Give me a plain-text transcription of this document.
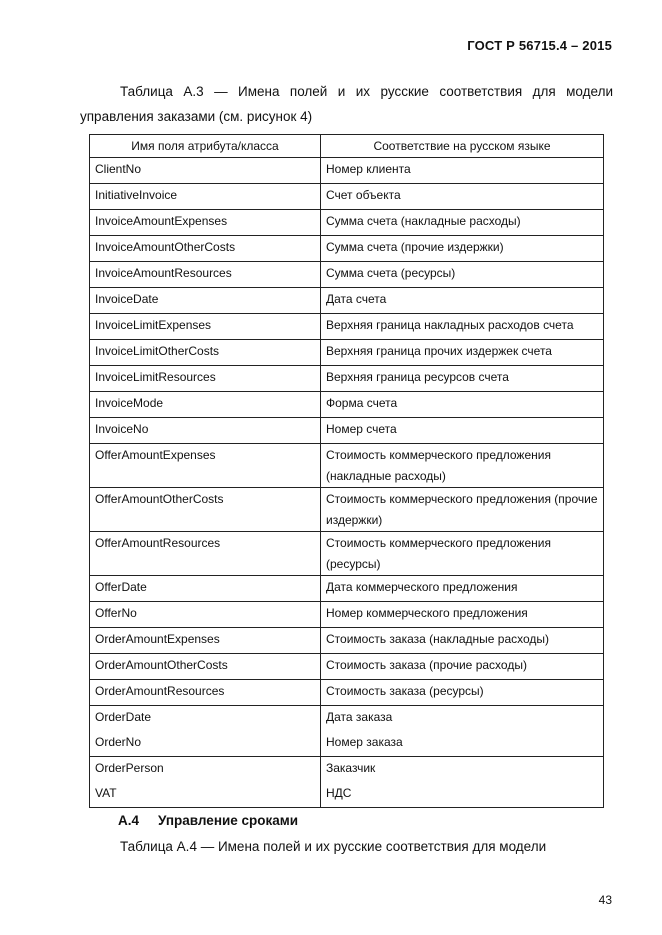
ГОСТ Р 56715.4 – 2015
Таблица А.3 — Имена полей и их русские соответствия для модели управления заказами (см. рисунок 4)
Имя поля атрибута/класса	Соответствие на русском языке
ClientNo	Номер клиента
InitiativeInvoice	Счет объекта
InvoiceAmountExpenses	Сумма счета (накладные расходы)
InvoiceAmountOtherCosts	Сумма счета (прочие издержки)
InvoiceAmountResources	Сумма счета (ресурсы)
InvoiceDate	Дата счета
InvoiceLimitExpenses	Верхняя граница накладных расходов счета
InvoiceLimitOtherCosts	Верхняя граница прочих издержек счета
InvoiceLimitResources	Верхняя граница ресурсов счета
InvoiceMode	Форма счета
InvoiceNo	Номер счета
OfferAmountExpenses	Стоимость коммерческого предложения (накладные расходы)
OfferAmountOtherCosts	Стоимость коммерческого предложения (прочие издержки)
OfferAmountResources	Стоимость коммерческого предложения (ресурсы)
OfferDate	Дата коммерческого предложения
OfferNo	Номер коммерческого предложения
OrderAmountExpenses	Стоимость заказа (накладные расходы)
OrderAmountOtherCosts	Стоимость заказа (прочие расходы)
OrderAmountResources	Стоимость заказа (ресурсы)
OrderDate	Дата заказа
OrderNo	Номер заказа
OrderPerson	Заказчик
VAT	НДС
А.4 Управление сроками
Таблица А.4 — Имена полей и их русские соответствия для модели
43
